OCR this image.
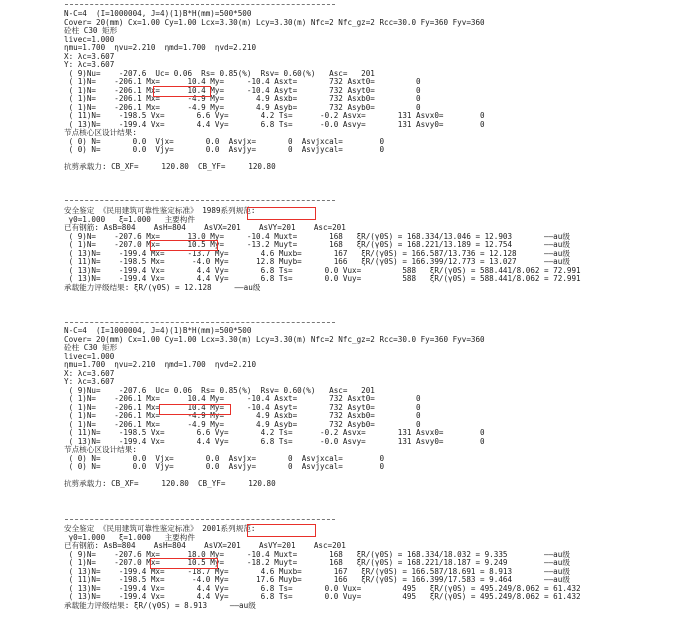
N-C=4  (I=1000004, J=4)(1)B*H(mm)=500*500
Cover= 20(mm) Cx=1.00 Cy=1.00 Lcx=3.30(m) Lcy=3.30(m) Nfc=2 Nfc_gz=2 Rcc=30.0 Fy=360 Fyv=360
砼柱 C30 矩形
livec=1.000
ηmu=1.700  ηvu=2.210  ηmd=1.700  ηvd=2.210
X: λc=3.607
Y: λc=3.607
( 9)Nu=    -207.6  Uc= 0.06  Rs= 0.85(%)  Rsv= 0.60(%)   Asc=   201
( 1)N=    -206.1 Mx=      10.4 My=     -10.4 Asxt=       732 Asxt0=         0
( 1)N=    -206.1 Mx=      10.4 My=     -10.4 Asyt=       732 Asyt0=         0
( 1)N=    -206.1 Mx=      -4.9 My=       4.9 Asxb=       732 Asxb0=         0
( 1)N=    -206.1 Mx=      -4.9 My=       4.9 Asyb=       732 Asyb0=         0
( 11)N=    -198.5 Vx=       6.6 Vy=       4.2 Ts=      -0.2 Asvx=       131 Asvx0=        0
( 13)N=    -199.4 Vx=       4.4 Vy=       6.8 Ts=      -0.0 Asvy=       131 Asvy0=        0
节点核心区设计结果:
( 0) N=       0.0  Vjx=       0.0  Asvjx=       0  Asvjxcal=        0
( 0) N=       0.0  Vjy=       0.0  Asvjy=       0  Asvjycal=        0
抗剪承载力: CB_XF=     120.80  CB_YF=     120.80
安全鉴定 《民用建筑可靠性鉴定标准》 1989系列规范:
γ0=1.000   ξ=1.000   主要构件
已有钢筋: AsB=804    AsH=804    AsVX=201    AsVY=201    Asc=201
( 9)N=    -207.6 Mx=      13.0 My=     -10.4 Muxt=       168   ξR/(γ0S) = 168.334/13.046 = 12.903       ——au级
( 1)N=    -207.0 Mx=      10.5 My=     -13.2 Muyt=       168   ξR/(γ0S) = 168.221/13.189 = 12.754       ——au级
( 13)N=    -199.4 Mx=     -13.7 My=       4.6 Muxb=       167   ξR/(γ0S) = 166.587/13.736 = 12.128      ——au级
( 11)N=    -198.5 Mx=      -4.0 My=      12.8 Muyb=       166   ξR/(γ0S) = 166.399/12.773 = 13.027      ——au级
( 13)N=    -199.4 Vx=       4.4 Vy=       6.8 Ts=       0.0 Vux=         588   ξR/(γ0S) = 588.441/8.062 = 72.991
( 13)N=    -199.4 Vx=       4.4 Vy=       6.8 Ts=       0.0 Vuy=         588   ξR/(γ0S) = 588.441/8.062 = 72.991
承载能力评级结果: ξR/(γ0S) = 12.128     ——au级
N-C=4  (I=1000004, J=4)(1)B*H(mm)=500*500
Cover= 20(mm) Cx=1.00 Cy=1.00 Lcx=3.30(m) Lcy=3.30(m) Nfc=2 Nfc_gz=2 Rcc=30.0 Fy=360 Fyv=360
砼柱 C30 矩形
livec=1.000
ηmu=1.700  ηvu=2.210  ηmd=1.700  ηvd=2.210
X: λc=3.607
Y: λc=3.607
( 9)Nu=    -207.6  Uc= 0.06  Rs= 0.85(%)  Rsv= 0.60(%)   Asc=   201
( 1)N=    -206.1 Mx=      10.4 My=     -10.4 Asxt=       732 Asxt0=         0
( 1)N=    -206.1 Mx=      10.4 My=     -10.4 Asyt=       732 Asyt0=         0
( 1)N=    -206.1 Mx=      -4.9 My=       4.9 Asxb=       732 Asxb0=         0
( 1)N=    -206.1 Mx=      -4.9 My=       4.9 Asyb=       732 Asyb0=         0
( 11)N=    -198.5 Vx=       6.6 Vy=       4.2 Ts=      -0.2 Asvx=       131 Asvx0=        0
( 13)N=    -199.4 Vx=       4.4 Vy=       6.8 Ts=      -0.0 Asvy=       131 Asvy0=        0
节点核心区设计结果:
( 0) N=       0.0  Vjx=       0.0  Asvjx=       0  Asvjxcal=        0
( 0) N=       0.0  Vjy=       0.0  Asvjy=       0  Asvjycal=        0
抗剪承载力: CB_XF=     120.80  CB_YF=     120.80
安全鉴定 《民用建筑可靠性鉴定标准》 2001系列规范:
γ0=1.000   ξ=1.000   主要构件
已有钢筋: AsB=804    AsH=804    AsVX=201    AsVY=201    Asc=201
( 9)N=    -207.6 Mx=      18.0 My=     -10.4 Muxt=       168   ξR/(γ0S) = 168.334/18.032 = 9.335        ——au级
( 1)N=    -207.0 Mx=      10.5 My=     -18.2 Muyt=       168   ξR/(γ0S) = 168.221/18.187 = 9.249        ——au级
( 13)N=    -199.4 Mx=     -18.7 My=       4.6 Muxb=       167   ξR/(γ0S) = 166.587/18.691 = 8.913       ——au级
( 11)N=    -198.5 Mx=      -4.0 My=      17.6 Muyb=       166   ξR/(γ0S) = 166.399/17.583 = 9.464       ——au级
( 13)N=    -199.4 Vx=       4.4 Vy=       6.8 Ts=       0.0 Vux=         495   ξR/(γ0S) = 495.249/8.062 = 61.432
( 13)N=    -199.4 Vx=       4.4 Vy=       6.8 Ts=       0.0 Vuy=         495   ξR/(γ0S) = 495.249/8.062 = 61.432
承载能力评级结果: ξR/(γ0S) = 8.913     ——au级
